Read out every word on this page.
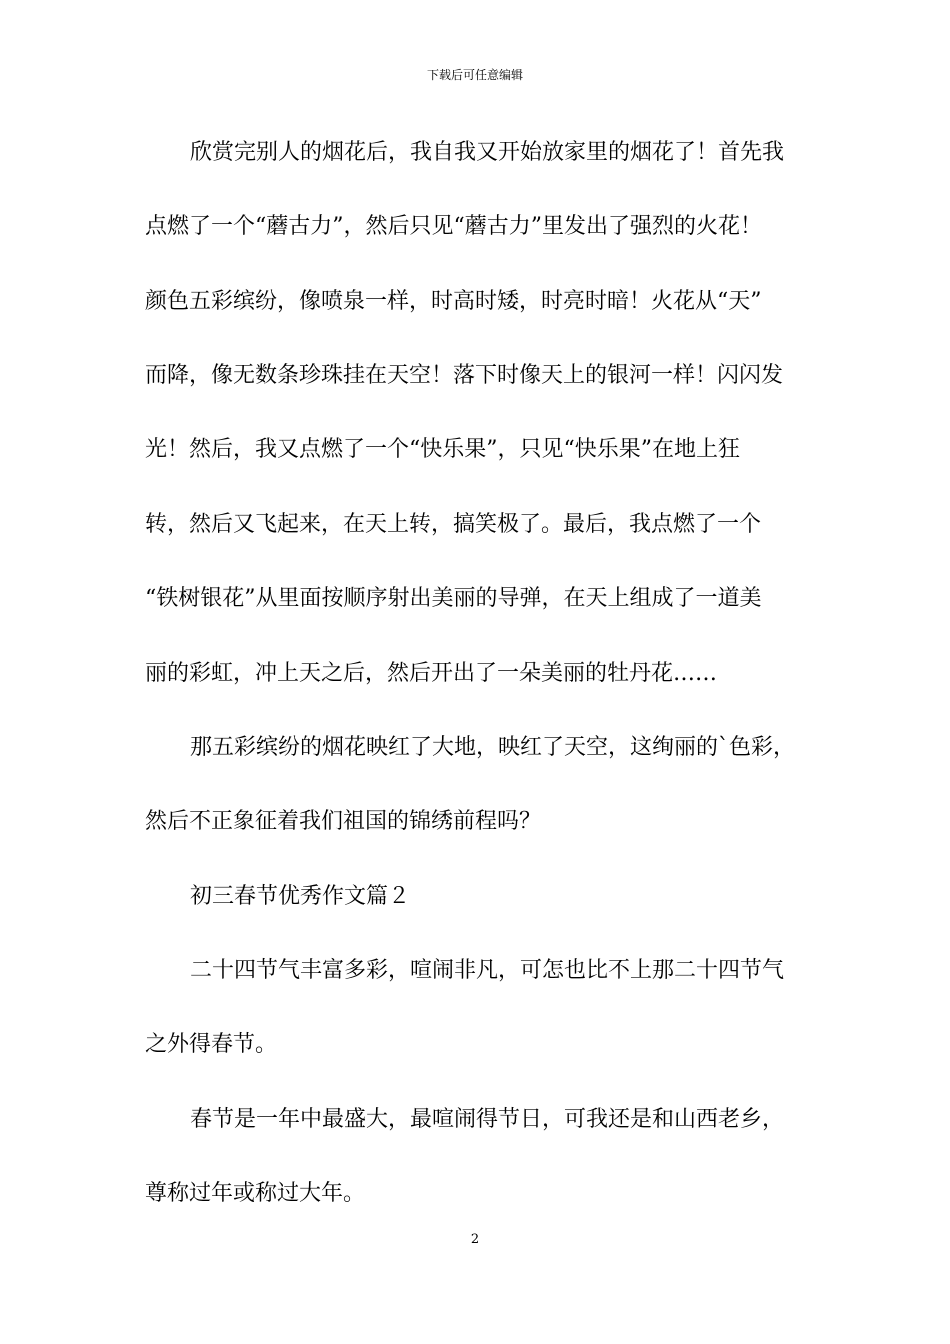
下载后可任意编辑
欣赏完别人的烟花后，我自我又开始放家里的烟花了！首先我
点燃了一个“蘑古力”，然后只见“蘑古力”里发出了强烈的火花！
颜色五彩缤纷，像喷泉一样，时高时矮，时亮时暗！火花从“天”
而降，像无数条珍珠挂在天空！落下时像天上的银河一样！闪闪发
光！然后，我又点燃了一个“快乐果”，只见“快乐果”在地上狂
转，然后又飞起来，在天上转，搞笑极了。最后，我点燃了一个
“铁树银花”从里面按顺序射出美丽的导弹，在天上组成了一道美
丽的彩虹，冲上天之后，然后开出了一朵美丽的牡丹花……
那五彩缤纷的烟花映红了大地，映红了天空，这绚丽的`色彩，
然后不正象征着我们祖国的锦绣前程吗？
初三春节优秀作文篇２
二十四节气丰富多彩，喧闹非凡，可怎也比不上那二十四节气
之外得春节。
春节是一年中最盛大，最喧闹得节日，可我还是和山西老乡，
尊称过年或称过大年。
2
